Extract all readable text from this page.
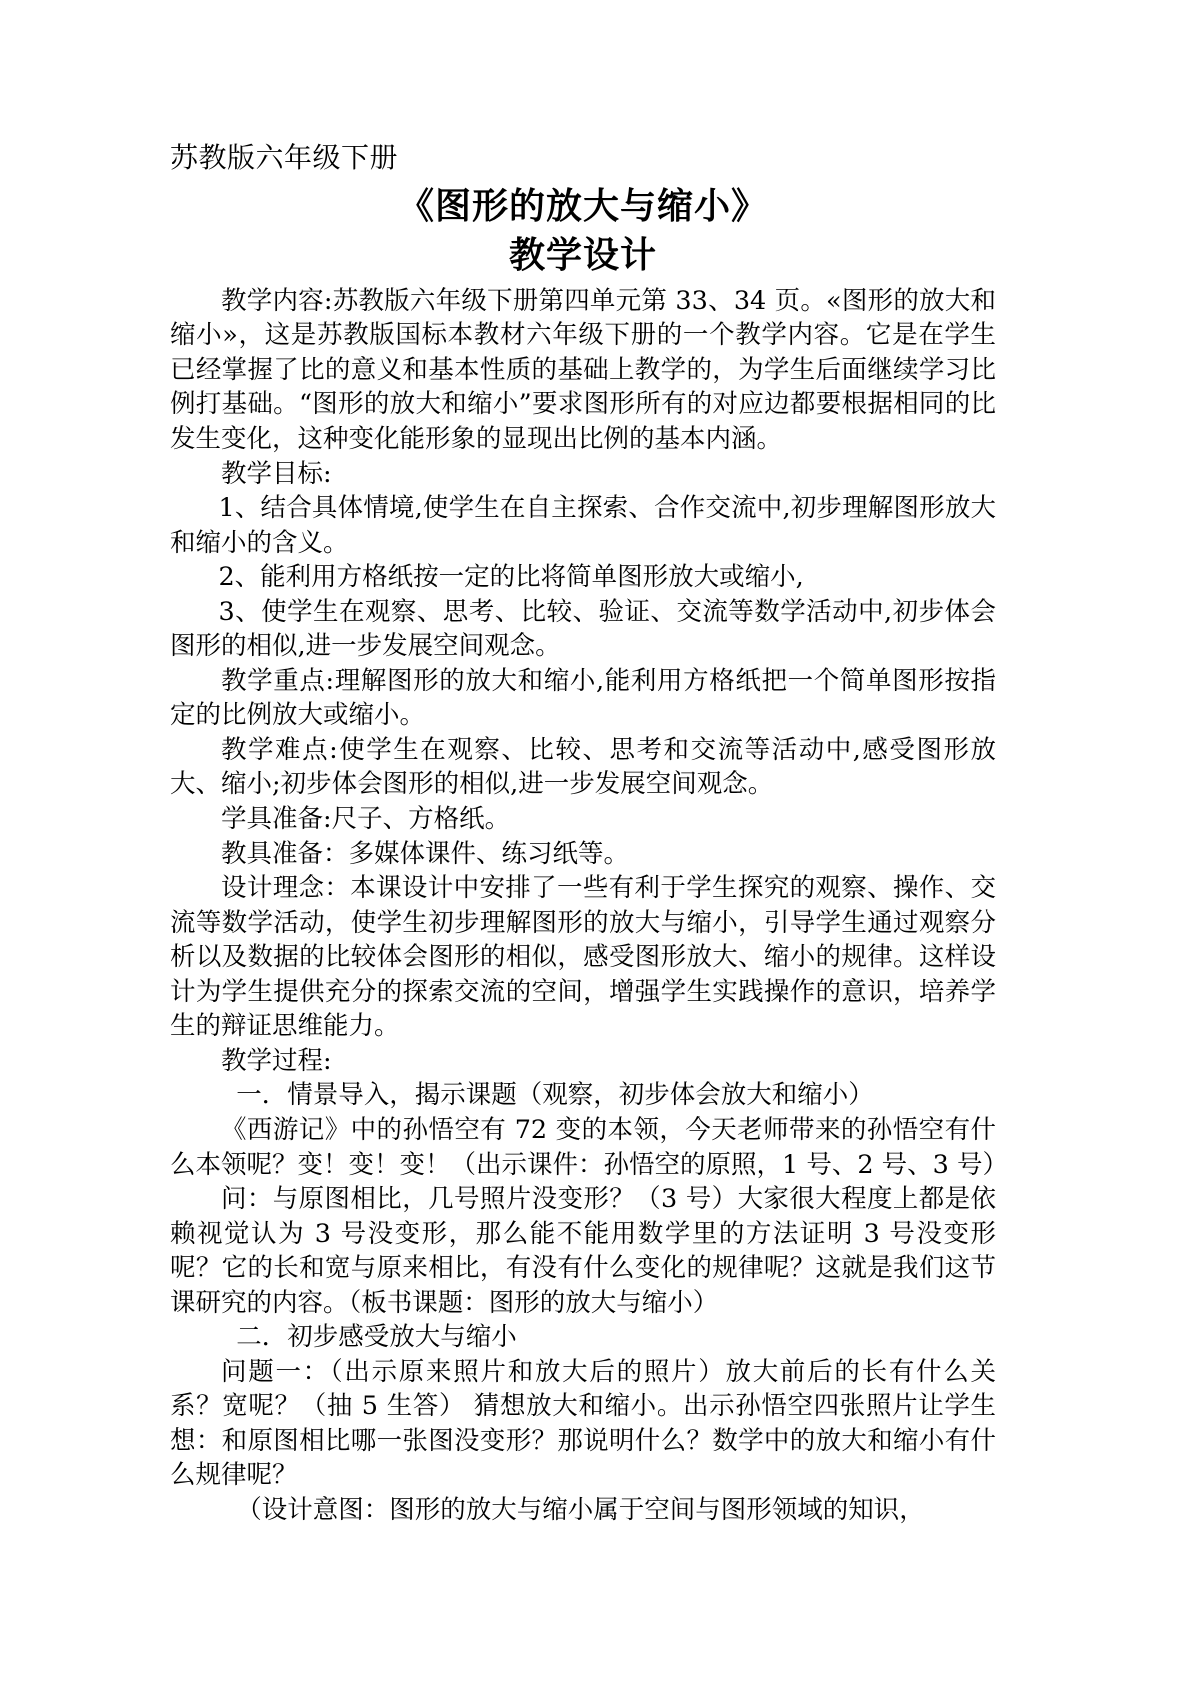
苏教版六年级下册
《图形的放大与缩小》
教学设计

教学内容:苏教版六年级下册第四单元第 33、34 页。«图形的放大和缩小»，这是苏教版国标本教材六年级下册的一个教学内容。它是在学生已经掌握了比的意义和基本性质的基础上教学的，为学生后面继续学习比例打基础。“图形的放大和缩小”要求图形所有的对应边都要根据相同的比发生变化，这种变化能形象的显现出比例的基本内涵。

教学目标:

1、结合具体情境,使学生在自主探索、合作交流中,初步理解图形放大和缩小的含义。

2、能利用方格纸按一定的比将简单图形放大或缩小,

3、使学生在观察、思考、比较、验证、交流等数学活动中,初步体会图形的相似,进一步发展空间观念。

教学重点:理解图形的放大和缩小,能利用方格纸把一个简单图形按指定的比例放大或缩小。

教学难点:使学生在观察、比较、思考和交流等活动中,感受图形放大、缩小;初步体会图形的相似,进一步发展空间观念。

学具准备:尺子、方格纸。

教具准备：多媒体课件、练习纸等。

设计理念：本课设计中安排了一些有利于学生探究的观察、操作、交流等数学活动，使学生初步理解图形的放大与缩小，引导学生通过观察分析以及数据的比较体会图形的相似，感受图形放大、缩小的规律。这样设计为学生提供充分的探索交流的空间，增强学生实践操作的意识，培养学生的辩证思维能力。

教学过程:

一．情景导入，揭示课题（观察，初步体会放大和缩小）

《西游记》中的孙悟空有 72 变的本领，今天老师带来的孙悟空有什么本领呢？变！变！变！（出示课件：孙悟空的原照，1 号、2 号、3 号）

问：与原图相比，几号照片没变形？（3 号）大家很大程度上都是依赖视觉认为 3 号没变形，那么能不能用数学里的方法证明 3 号没变形呢？它的长和宽与原来相比，有没有什么变化的规律呢？这就是我们这节课研究的内容。（板书课题：图形的放大与缩小）

二．初步感受放大与缩小

问题一：（出示原来照片和放大后的照片）放大前后的长有什么关系？宽呢？（抽 5 生答） 猜想放大和缩小。出示孙悟空四张照片让学生想：和原图相比哪一张图没变形？那说明什么？数学中的放大和缩小有什么规律呢？

（设计意图：图形的放大与缩小属于空间与图形领域的知识，
